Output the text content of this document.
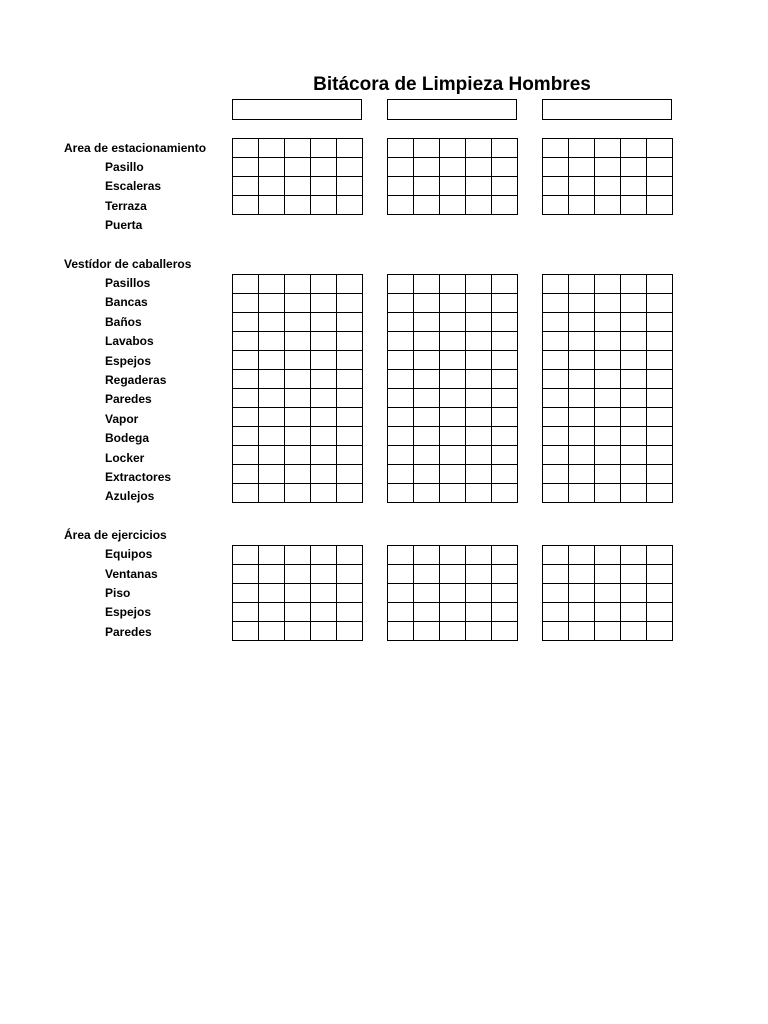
Bitácora de Limpieza Hombres
Area de estacionamiento
Pasillo
Escaleras
Terraza
Puerta
Vestídor de caballeros
Pasillos
Bancas
Baños
Lavabos
Espejos
Regaderas
Paredes
Vapor
Bodega
Locker
Extractores
Azulejos
Área de ejercicios
Equipos
Ventanas
Piso
Espejos
Paredes
